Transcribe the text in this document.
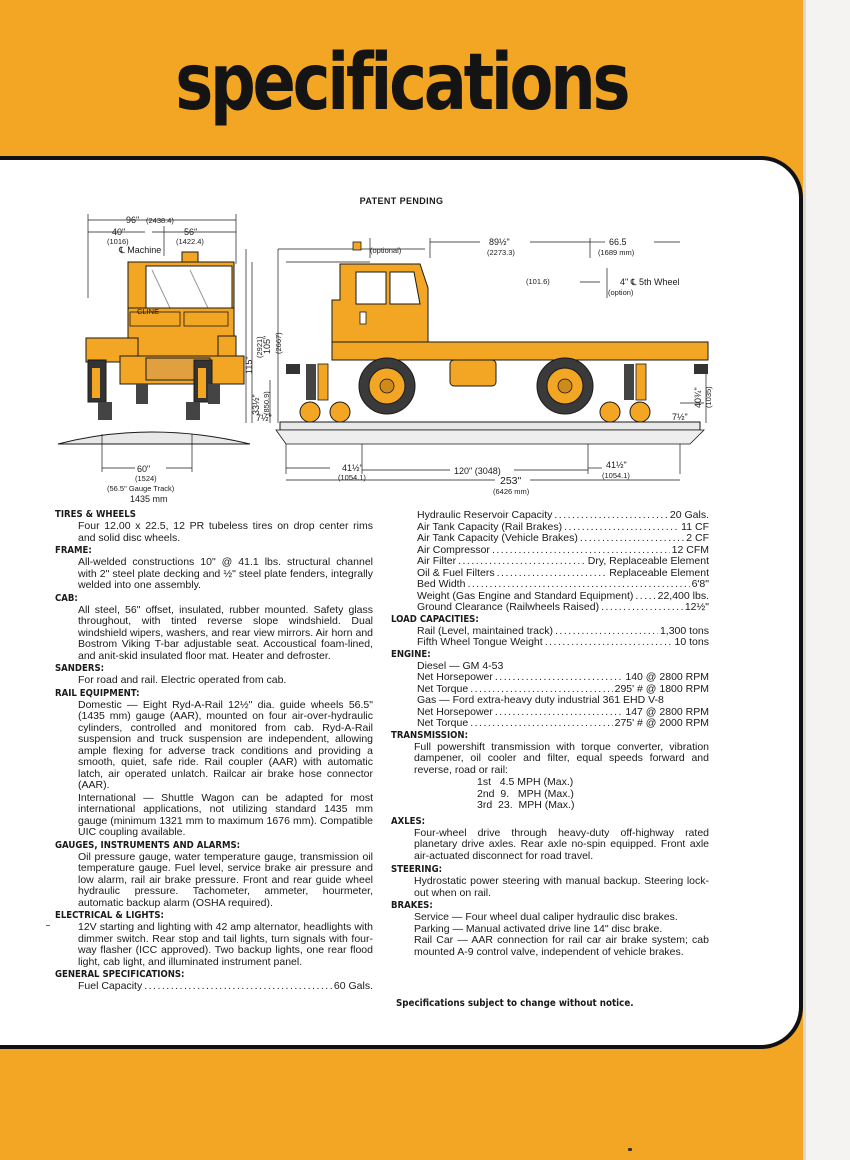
specifications
PATENT PENDING
96" (2438.4)
40"
(1016)
56"
(1422.4)
℄ Machine
CLINE
60"
(1524)
(56.5" Gauge Track)
1435 mm
(optional)
115"
(2921)
105" (2667)
33½" (850.9)
7½"	7½"
89½"
(2273.3)
66.5
(1689 mm)
(101.6)	4" ℄ 5th Wheel
(option)
40¾" (1035)
41½"
(1054.1)
120" (3048)
41½"
(1054.1)
253"
(6426 mm)
TIRES & WHEELS
Four 12.00 x 22.5, 12 PR tubeless tires on drop center rims and solid disc wheels.
FRAME:
All-welded constructions 10" @ 41.1 lbs. structural channel with 2" steel plate decking and ½" steel plate fenders, integrally welded into one assembly.
CAB:
All steel, 56" offset, insulated, rubber mounted. Safety glass throughout, with tinted reverse slope windshield. Dual windshield wipers, washers, and rear view mirrors. Air horn and Bostrom Viking T-bar adjustable seat. Accoustical foam-lined, and anit-skid insulated floor mat. Heater and defroster.
SANDERS:
For road and rail. Electric operated from cab.
RAIL EQUIPMENT:
Domestic — Eight Ryd-A-Rail 12½" dia. guide wheels 56.5" (1435 mm) gauge (AAR), mounted on four air-over-hydraulic cylinders, controlled and monitored from cab. Ryd-A-Rail suspension and truck suspension are independent, allowing ample flexing for adverse track conditions and providing a smooth, quiet, safe ride. Rail coupler (AAR) with automatic latch, air operated unlatch. Railcar air brake hose connector (AAR).
International — Shuttle Wagon can be adapted for most international applications, not utilizing standard 1435 mm gauge (minimum 1321 mm to maximum 1676 mm). Compatible UIC coupling available.
GAUGES, INSTRUMENTS AND ALARMS:
Oil pressure gauge, water temperature gauge, transmission oil temperature gauge. Fuel level, service brake air pressure and low alarm, rail air brake pressure. Front and rear guide wheel hydraulic pressure. Tachometer, ammeter, hourmeter, automatic backup alarm (OSHA required).
ELECTRICAL & LIGHTS:
12V starting and lighting with 42 amp alternator, headlights with dimmer switch. Rear stop and tail lights, turn signals with four-way flasher (ICC approved). Two backup lights, one rear flood light, cab light, and illuminated instrument panel.
GENERAL SPECIFICATIONS:
Fuel Capacity .....	60 Gals.
Hydraulic Reservoir Capacity .....	20 Gals.
Air Tank Capacity (Rail Brakes) .....	11 CF
Air Tank Capacity (Vehicle Brakes) .....	2 CF
Air Compressor .....	12 CFM
Air Filter .....	Dry, Replaceable Element
Oil & Fuel Filters .....	Replaceable Element
Bed Width .....	6'8"
Weight (Gas Engine and Standard Equipment) ..... 22,400 lbs.
Ground Clearance (Railwheels Raised) .....	12½"
LOAD CAPACITIES:
Rail (Level, maintained track) .....	1,300 tons
Fifth Wheel Tongue Weight .....	10 tons
ENGINE:
Diesel — GM 4-53
Net Horsepower .....	140 @ 2800 RPM
Net Torque .....	295' # @ 1800 RPM
Gas — Ford extra-heavy duty industrial 361 EHD V-8
Net Horsepower .....	147 @ 2800 RPM
Net Torque .....	275' # @ 2000 RPM
TRANSMISSION:
Full powershift transmission with torque converter, vibration dampener, oil cooler and filter, equal speeds forward and reverse, road or rail:
1st   4.5 MPH (Max.)
2nd  9.   MPH (Max.)
3rd  23.  MPH (Max.)
AXLES:
Four-wheel drive through heavy-duty off-highway rated planetary drive axles. Rear axle no-spin equipped. Front axle air-actuated disconnect for road travel.
STEERING:
Hydrostatic power steering with manual backup. Steering lock-out when on rail.
BRAKES:
Service — Four wheel dual caliper hydraulic disc brakes.
Parking — Manual activated drive line 14" disc brake.
Rail Car — AAR connection for rail car air brake system; cab mounted A-9 control valve, independent of vehicle brakes.
Specifications subject to change without notice.
